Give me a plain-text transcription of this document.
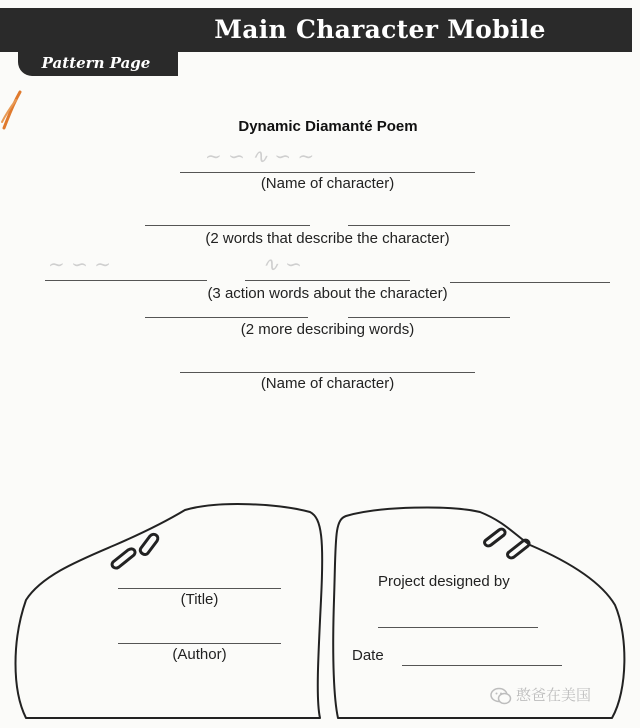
Main Character Mobile
Pattern Page
Dynamic Diamanté Poem
∼ ∽ ∿ ∽ ∼
∼ ∽ ∼	∿ ∽
(Name of character)
(2 words that describe the character)
(3 action words about the character)
(2 more describing words)
(Name of character)
(Title)
(Author)
Project designed by
Date
憨爸在美国
